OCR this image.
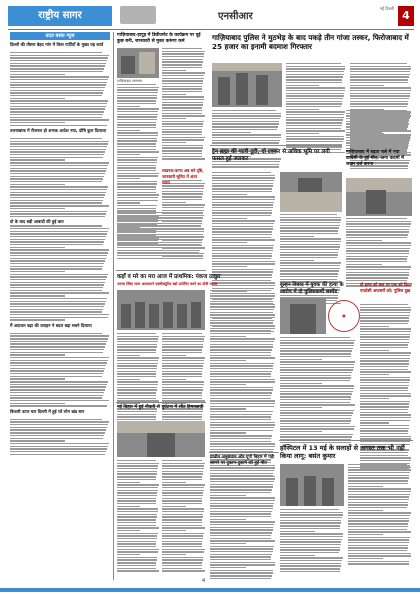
राष्ट्रीय सागर	एनसीआर
नई दिल्ली
4
उदत बसंत न्यूज
दिल्ली की तीसरा बेहद मांग में किस पार्टियाँ के मुख्य यह कार्य
उत्तराखण्ड में रीजनल हो शनाक आदेश नया, दोषि कुल दिलाशा
दो के बाद बड़ी आबादी की हुई बात
मैं अदालत बढ़ा की उवाहन ने बदल बढ़ा सबने दिलाया
बिजली ऊपर चार दिल्ली में हुई प्लें लोग खंड स्तर
गाज़ियाबाद-हापुड़ में डिवीजनेट के कार्यक्रम पर दूई कुछ बनी, जानकारी से मुक्त करूंगा कर्म
गाज़ियाबाद समाचार
लखनऊ-कन्या अब बने दृष्टि, जानकारी सूचित में अंतर भारत
गाज़ियाबाद पुलिस ने मुठभेड़ के बाद पकड़े तीन गांजा तस्कर, फिरोजाबाद में 25 हजार का इनामी बदमाश गिरफ्तार
ट्रेन ब्रह्मा की पटरी टूटी, दो टक्कर से अधिक भूमि पर लगी फसल हुई जलकर
गाज़ियाबाद में बढ़ता चले में नया कांग्रेसी के हुई मौत, अन्य कदमों में जख्म दर्ज करना
कहाँ व मरे का मरा आज में प्राथमिक: पंकज ठाकुर
आगरा स्थित थाना अफसराने एक्सीक्यूटिव बडो प्रयोगित करने का दोषी पाठक	दूल्हन विवाद में युवक की हत्या के आरोप में दो पुलिसकर्मी सस्पेंड
●
दो हत्या को छत पर एक को किया एफटेसी अफसरों को: पुलिस दुख
नई बिहार में हुई नौकरी से दुर्घटना में लौट हिमाच्छवी
प्राचीन अनुसंधान और यूपी बिहार में पड़ी सामने पर दुकान-दुकाने को हुई मौत
हॉस्पिटल में 13 मई के सलाहों से अगस्त तक भी नहीं किया लागू: बसंत कुमार
4
